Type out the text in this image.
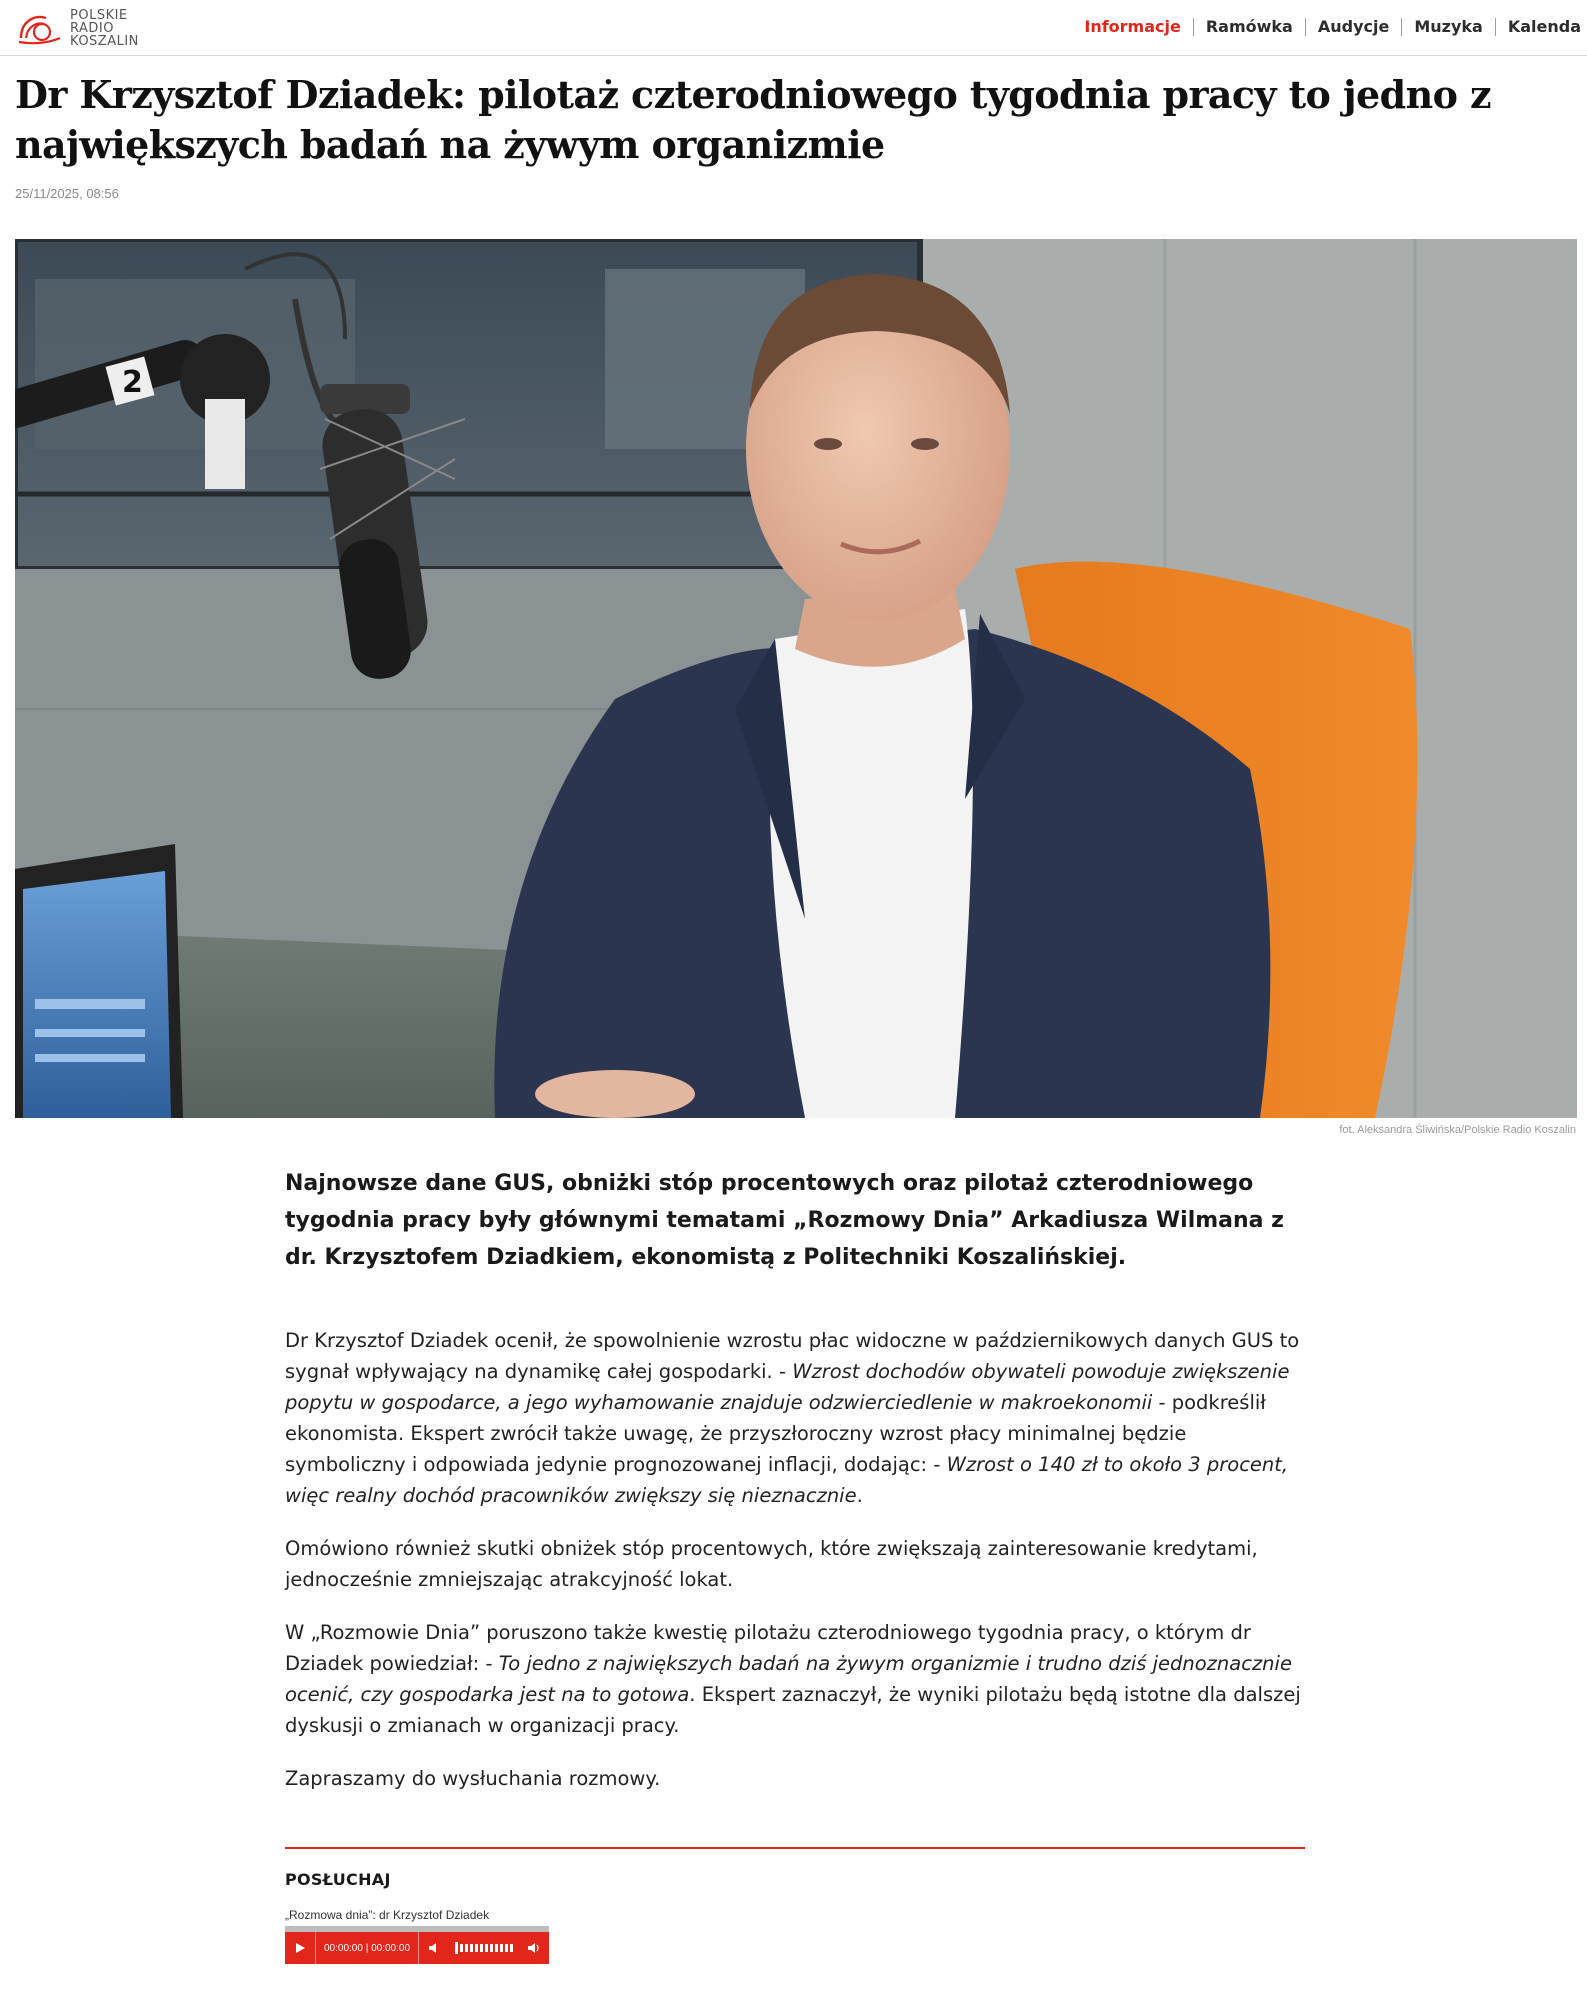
POLSKIE
RADIO
KOSZALIN
Informacje	Ramówka	Audycje	Muzyka	Kalenda
Dr Krzysztof Dziadek: pilotaż czterodniowego tygodnia pracy to jedno z największych badań na żywym organizmie
25/11/2025, 08:56
2
fot. Aleksandra Śliwińska/Polskie Radio Koszalin

Najnowsze dane GUS, obniżki stóp procentowych oraz pilotaż czterodniowego tygodnia pracy były głównymi tematami „Rozmowy Dnia” Arkadiusza Wilmana z dr. Krzysztofem Dziadkiem, ekonomistą z Politechniki Koszalińskiej.

Dr Krzysztof Dziadek ocenił, że spowolnienie wzrostu płac widoczne w październikowych danych GUS to sygnał wpływający na dynamikę całej gospodarki. - Wzrost dochodów obywateli powoduje zwiększenie popytu w gospodarce, a jego wyhamowanie znajduje odzwierciedlenie w makroekonomii - podkreślił ekonomista. Ekspert zwrócił także uwagę, że przyszłoroczny wzrost płacy minimalnej będzie symboliczny i odpowiada jedynie prognozowanej inflacji, dodając: - Wzrost o 140 zł to około 3 procent, więc realny dochód pracowników zwiększy się nieznacznie.

Omówiono również skutki obniżek stóp procentowych, które zwiększają zainteresowanie kredytami, jednocześnie zmniejszając atrakcyjność lokat.

W „Rozmowie Dnia” poruszono także kwestię pilotażu czterodniowego tygodnia pracy, o którym dr Dziadek powiedział: - To jedno z największych badań na żywym organizmie i trudno dziś jednoznacznie ocenić, czy gospodarka jest na to gotowa. Ekspert zaznaczył, że wyniki pilotażu będą istotne dla dalszej dyskusji o zmianach w organizacji pracy.

Zapraszamy do wysłuchania rozmowy.

POSŁUCHAJ
„Rozmowa dnia”: dr Krzysztof Dziadek
00:00:00 | 00:00:00
